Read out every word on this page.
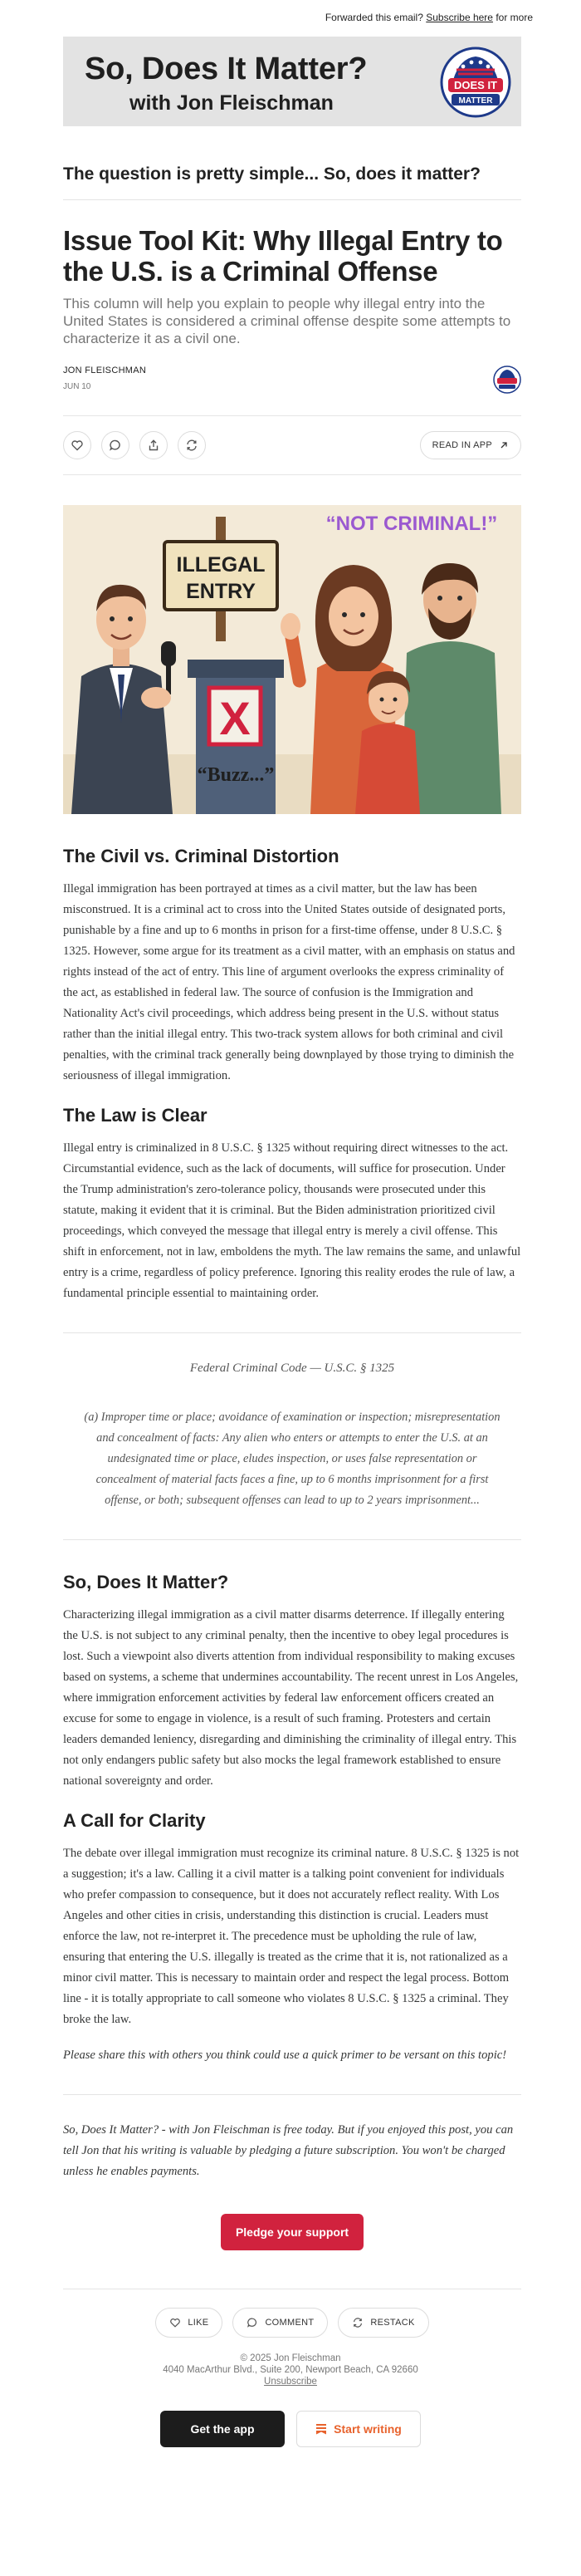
Forwarded this email? Subscribe here for more
So, Does It Matter?
with Jon Fleischman
DOES IT
MATTER
The question is pretty simple... So, does it matter?
Issue Tool Kit: Why Illegal Entry to the U.S. is a Criminal Offense
This column will help you explain to people why illegal entry into the United States is considered a criminal offense despite some attempts to characterize it as a civil one.
JON FLEISCHMAN
JUN 10
READ IN APP
ILLEGAL
ENTRY
X
“Buzz...”
“NOT CRIMINAL!”
The Civil vs. Criminal Distortion

Illegal immigration has been portrayed at times as a civil matter, but the law has been misconstrued. It is a criminal act to cross into the United States outside of designated ports, punishable by a fine and up to 6 months in prison for a first-time offense, under 8 U.S.C. § 1325. However, some argue for its treatment as a civil matter, with an emphasis on status and rights instead of the act of entry. This line of argument overlooks the express criminality of the act, as established in federal law. The source of confusion is the Immigration and Nationality Act's civil proceedings, which address being present in the U.S. without status rather than the initial illegal entry. This two-track system allows for both criminal and civil penalties, with the criminal track generally being downplayed by those trying to diminish the seriousness of illegal immigration.

The Law is Clear

Illegal entry is criminalized in 8 U.S.C. § 1325 without requiring direct witnesses to the act. Circumstantial evidence, such as the lack of documents, will suffice for prosecution. Under the Trump administration's zero-tolerance policy, thousands were prosecuted under this statute, making it evident that it is criminal. But the Biden administration prioritized civil proceedings, which conveyed the message that illegal entry is merely a civil offense. This shift in enforcement, not in law, emboldens the myth. The law remains the same, and unlawful entry is a crime, regardless of policy preference. Ignoring this reality erodes the rule of law, a fundamental principle essential to maintaining order.

Federal Criminal Code — U.S.C. § 1325
(a) Improper time or place; avoidance of examination or inspection; misrepresentation and concealment of facts: Any alien who enters or attempts to enter the U.S. at an undesignated time or place, eludes inspection, or uses false representation or concealment of material facts faces a fine, up to 6 months imprisonment for a first offense, or both; subsequent offenses can lead to up to 2 years imprisonment...
So, Does It Matter?

Characterizing illegal immigration as a civil matter disarms deterrence. If illegally entering the U.S. is not subject to any criminal penalty, then the incentive to obey legal procedures is lost. Such a viewpoint also diverts attention from individual responsibility to making excuses based on systems, a scheme that undermines accountability. The recent unrest in Los Angeles, where immigration enforcement activities by federal law enforcement officers created an excuse for some to engage in violence, is a result of such framing. Protesters and certain leaders demanded leniency, disregarding and diminishing the criminality of illegal entry. This not only endangers public safety but also mocks the legal framework established to ensure national sovereignty and order.

A Call for Clarity

The debate over illegal immigration must recognize its criminal nature. 8 U.S.C. § 1325 is not a suggestion; it's a law. Calling it a civil matter is a talking point convenient for individuals who prefer compassion to consequence, but it does not accurately reflect reality. With Los Angeles and other cities in crisis, understanding this distinction is crucial. Leaders must enforce the law, not re-interpret it. The precedence must be upholding the rule of law, ensuring that entering the U.S. illegally is treated as the crime that it is, not rationalized as a minor civil matter. This is necessary to maintain order and respect the legal process. Bottom line - it is totally appropriate to call someone who violates 8 U.S.C. § 1325 a criminal. They broke the law.

Please share this with others you think could use a quick primer to be versant on this topic!

So, Does It Matter? - with Jon Fleischman is free today. But if you enjoyed this post, you can tell Jon that his writing is valuable by pledging a future subscription. You won't be charged unless he enables payments.

Pledge your support
LIKE	COMMENT	RESTACK
© 2025 Jon Fleischman
4040 MacArthur Blvd., Suite 200, Newport Beach, CA 92660
Unsubscribe
Get the app	Start writing
